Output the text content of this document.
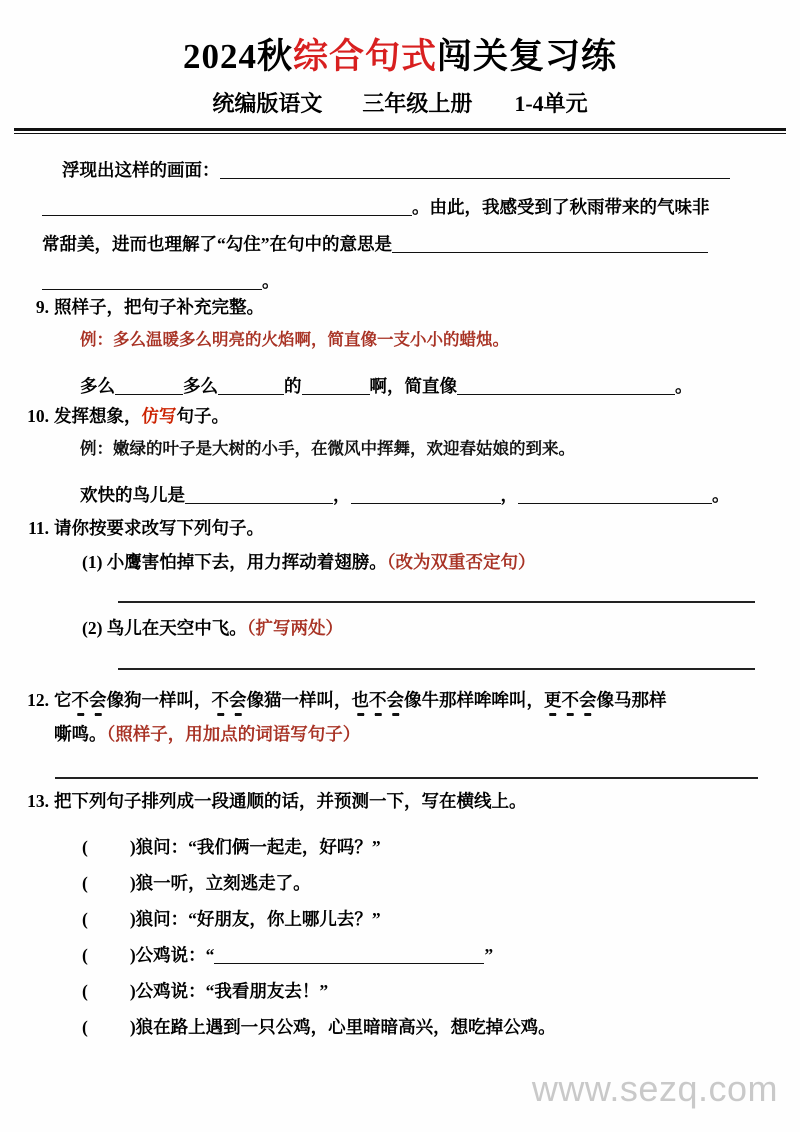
2024秋综合句式闯关复习练
统编版语文 三年级上册 1-4单元
浮现出这样的画面：
。由此，我感受到了秋雨带来的气味非
常甜美，进而也理解了“勾住”在句中的意思是
。
9. 照样子，把句子补充完整。
例：多么温暖多么明亮的火焰啊，简直像一支小小的蜡烛。
多么	多么	的	啊，简直像	。
10. 发挥想象，仿写句子。
例：嫩绿的叶子是大树的小手，在微风中挥舞，欢迎春姑娘的到来。
欢快的鸟儿是	，	，	。
11. 请你按要求改写下列句子。
(1) 小鹰害怕掉下去，用力挥动着翅膀。（改为双重否定句）
(2) 鸟儿在天空中飞。（扩写两处）
12. 它不会像狗一样叫，不会像猫一样叫，也不会像牛那样哞哞叫，更不会像马那样
嘶鸣。（照样子，用加点的词语写句子）
13. 把下列句子排列成一段通顺的话，并预测一下，写在横线上。
( ) 狼问：“我们俩一起走，好吗？”
( ) 狼一听，立刻逃走了。
( ) 狼问：“好朋友，你上哪儿去？”
( ) 公鸡说：“	”
( ) 公鸡说：“我看朋友去！”
( ) 狼在路上遇到一只公鸡，心里暗暗高兴，想吃掉公鸡。
www.sezq.com
